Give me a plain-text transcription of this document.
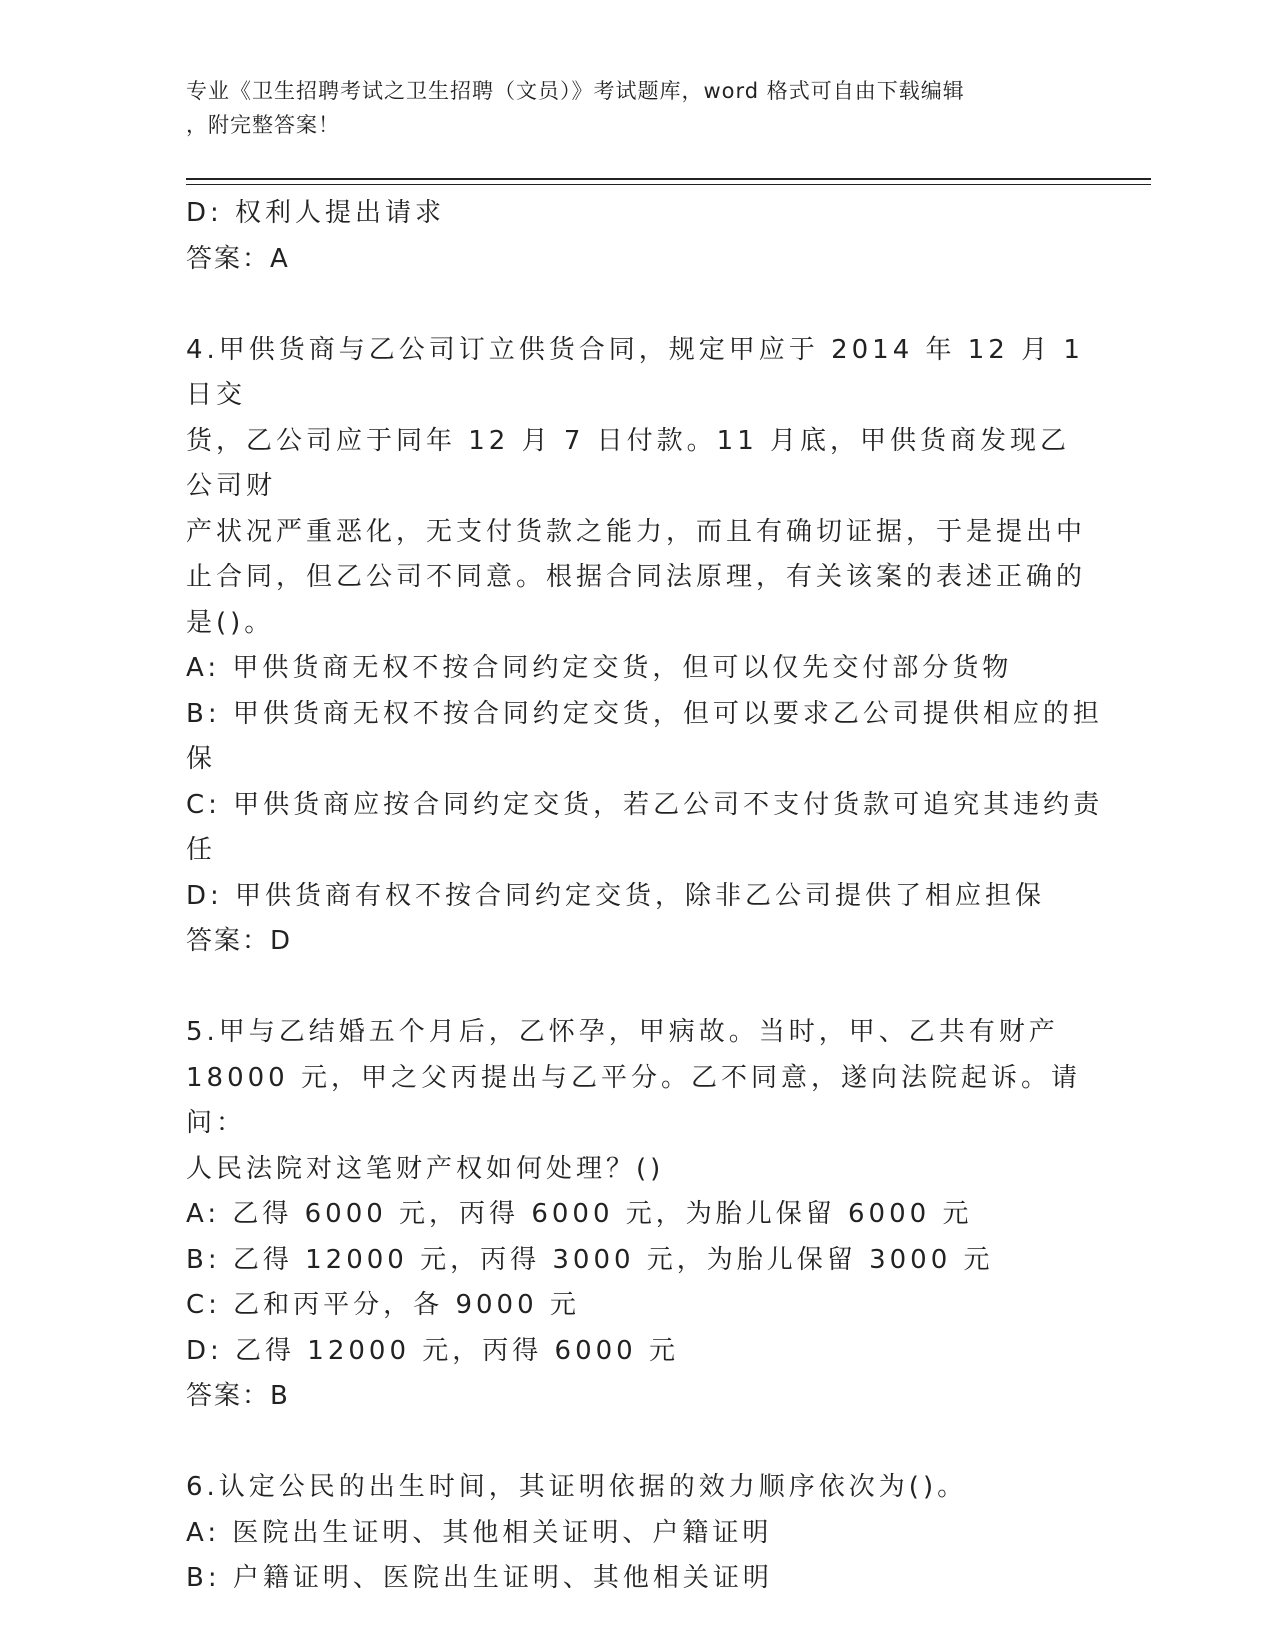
专业《卫生招聘考试之卫生招聘（文员）》考试题库，word 格式可自由下载编辑
，附完整答案！
D: 权利人提出请求
答案：A
4.甲供货商与乙公司订立供货合同，规定甲应于 2014 年 12 月 1 日交
货，乙公司应于同年 12 月 7 日付款。11 月底，甲供货商发现乙公司财
产状况严重恶化，无支付货款之能力，而且有确切证据，于是提出中
止合同，但乙公司不同意。根据合同法原理，有关该案的表述正确的
是()。
A: 甲供货商无权不按合同约定交货，但可以仅先交付部分货物
B: 甲供货商无权不按合同约定交货，但可以要求乙公司提供相应的担
保
C: 甲供货商应按合同约定交货，若乙公司不支付货款可追究其违约责
任
D: 甲供货商有权不按合同约定交货，除非乙公司提供了相应担保
答案：D
5.甲与乙结婚五个月后，乙怀孕，甲病故。当时，甲、乙共有财产
18000 元，甲之父丙提出与乙平分。乙不同意，遂向法院起诉。请问：
人民法院对这笔财产权如何处理？()
A: 乙得 6000 元，丙得 6000 元，为胎儿保留 6000 元
B: 乙得 12000 元，丙得 3000 元，为胎儿保留 3000 元
C: 乙和丙平分，各 9000 元
D: 乙得 12000 元，丙得 6000 元
答案：B
6.认定公民的出生时间，其证明依据的效力顺序依次为()。
A: 医院出生证明、其他相关证明、户籍证明
B: 户籍证明、医院出生证明、其他相关证明
